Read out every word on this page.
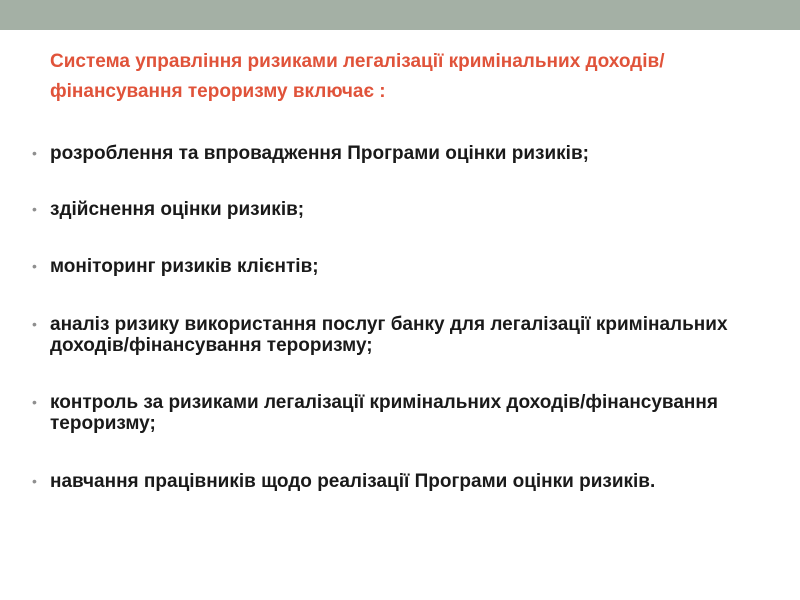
Система управління ризиками легалізації кримінальних доходів/фінансування тероризму включає :
• розроблення та впровадження Програми оцінки ризиків;
• здійснення оцінки ризиків;
• моніторинг ризиків клієнтів;
• аналіз ризику використання послуг банку для легалізації кримінальних доходів/фінансування тероризму;
• контроль за ризиками легалізації кримінальних доходів/фінансування тероризму;
• навчання працівників щодо реалізації Програми оцінки ризиків.
